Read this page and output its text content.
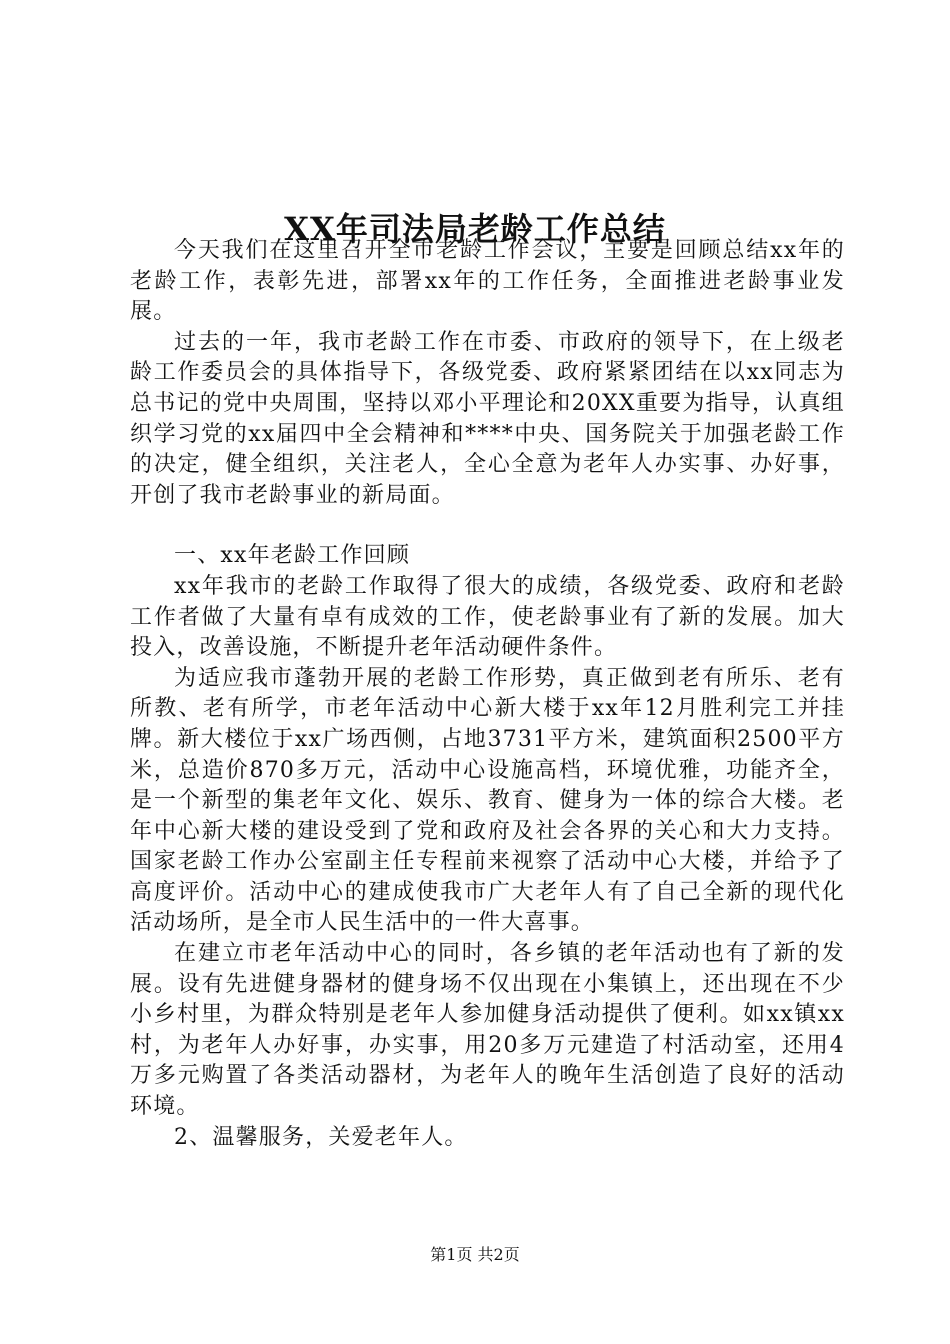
XX年司法局老龄工作总结

今天我们在这里召开全市老龄工作会议，主要是回顾总结xx年的老龄工作，表彰先进，部署xx年的工作任务，全面推进老龄事业发展。

过去的一年，我市老龄工作在市委、市政府的领导下，在上级老龄工作委员会的具体指导下，各级党委、政府紧紧团结在以xx同志为总书记的党中央周围，坚持以邓小平理论和20XX重要为指导，认真组织学习党的xx届四中全会精神和****中央、国务院关于加强老龄工作的决定，健全组织，关注老人，全心全意为老年人办实事、办好事，开创了我市老龄事业的新局面。

一、xx年老龄工作回顾

xx年我市的老龄工作取得了很大的成绩，各级党委、政府和老龄工作者做了大量有卓有成效的工作，使老龄事业有了新的发展。加大投入，改善设施，不断提升老年活动硬件条件。

为适应我市蓬勃开展的老龄工作形势，真正做到老有所乐、老有所教、老有所学，市老年活动中心新大楼于xx年12月胜利完工并挂牌。新大楼位于xx广场西侧，占地3731平方米，建筑面积2500平方米，总造价870多万元，活动中心设施高档，环境优雅，功能齐全，是一个新型的集老年文化、娱乐、教育、健身为一体的综合大楼。老年中心新大楼的建设受到了党和政府及社会各界的关心和大力支持。国家老龄工作办公室副主任专程前来视察了活动中心大楼，并给予了高度评价。活动中心的建成使我市广大老年人有了自己全新的现代化活动场所，是全市人民生活中的一件大喜事。

在建立市老年活动中心的同时，各乡镇的老年活动也有了新的发展。设有先进健身器材的健身场不仅出现在小集镇上，还出现在不少小乡村里，为群众特别是老年人参加健身活动提供了便利。如xx镇xx村，为老年人办好事，办实事，用20多万元建造了村活动室，还用4万多元购置了各类活动器材，为老年人的晚年生活创造了良好的活动环境。

2、温馨服务，关爱老年人。

第1页 共2页
